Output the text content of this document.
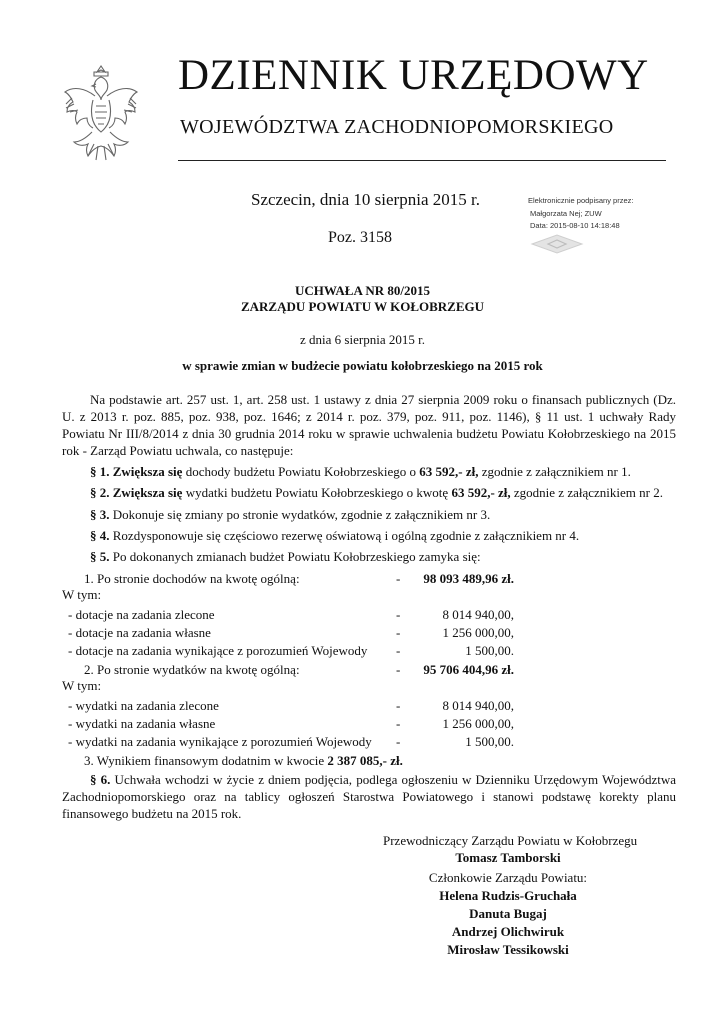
DZIENNIK URZĘDOWY
WOJEWÓDZTWA ZACHODNIOPOMORSKIEGO
Szczecin, dnia 10 sierpnia 2015 r.
Poz. 3158
Elektronicznie podpisany przez:
Małgorzata Nej; ZUW
Data: 2015-08-10 14:18:48
UCHWAŁA NR 80/2015
ZARZĄDU POWIATU W KOŁOBRZEGU
z dnia 6 sierpnia 2015 r.
w sprawie zmian w budżecie powiatu kołobrzeskiego na 2015 rok
Na podstawie art. 257 ust. 1, art. 258 ust. 1 ustawy z dnia 27 sierpnia 2009 roku o finansach publicznych (Dz. U. z 2013 r. poz. 885, poz. 938, poz. 1646; z 2014 r. poz. 379, poz. 911, poz. 1146), § 11 ust. 1 uchwały Rady Powiatu Nr III/8/2014 z dnia 30 grudnia 2014 roku w sprawie uchwalenia budżetu Powiatu Kołobrzeskiego na 2015 rok - Zarząd Powiatu uchwala, co następuje:
§ 1. Zwiększa się dochody budżetu Powiatu Kołobrzeskiego o 63 592,- zł, zgodnie z załącznikiem nr 1.
§ 2. Zwiększa się wydatki budżetu Powiatu Kołobrzeskiego o kwotę 63 592,- zł, zgodnie z załącznikiem nr 2.
§ 3. Dokonuje się zmiany po stronie wydatków, zgodnie z załącznikiem nr 3.
§ 4. Rozdysponowuje się częściowo rezerwę oświatową i ogólną zgodnie z załącznikiem nr 4.
§ 5. Po dokonanych zmianach budżet Powiatu Kołobrzeskiego zamyka się:
1. Po stronie dochodów na kwotę ogólną:	- 98 093 489,96 zł.
W tym:
- dotacje na zadania zlecone	-	8 014 940,00,
- dotacje na zadania własne	-	1 256 000,00,
- dotacje na zadania wynikające z porozumień Wojewody -	1 500,00.
2. Po stronie wydatków na kwotę ogólną:	- 95 706 404,96 zł.
W tym:
- wydatki na zadania zlecone	-	8 014 940,00,
- wydatki na zadania własne	-	1 256 000,00,
- wydatki na zadania wynikające z porozumień Wojewody -	1 500,00.
3. Wynikiem finansowym dodatnim w kwocie 2 387 085,- zł.
§ 6. Uchwała wchodzi w życie z dniem podjęcia, podlega ogłoszeniu w Dzienniku Urzędowym Województwa Zachodniopomorskiego oraz na tablicy ogłoszeń Starostwa Powiatowego i stanowi podstawę korekty planu finansowego budżetu na 2015 rok.
Przewodniczący Zarządu Powiatu w Kołobrzegu
Tomasz Tamborski
Członkowie Zarządu Powiatu:
Helena Rudzis-Gruchała
Danuta Bugaj
Andrzej Olichwiruk
Mirosław Tessikowski
